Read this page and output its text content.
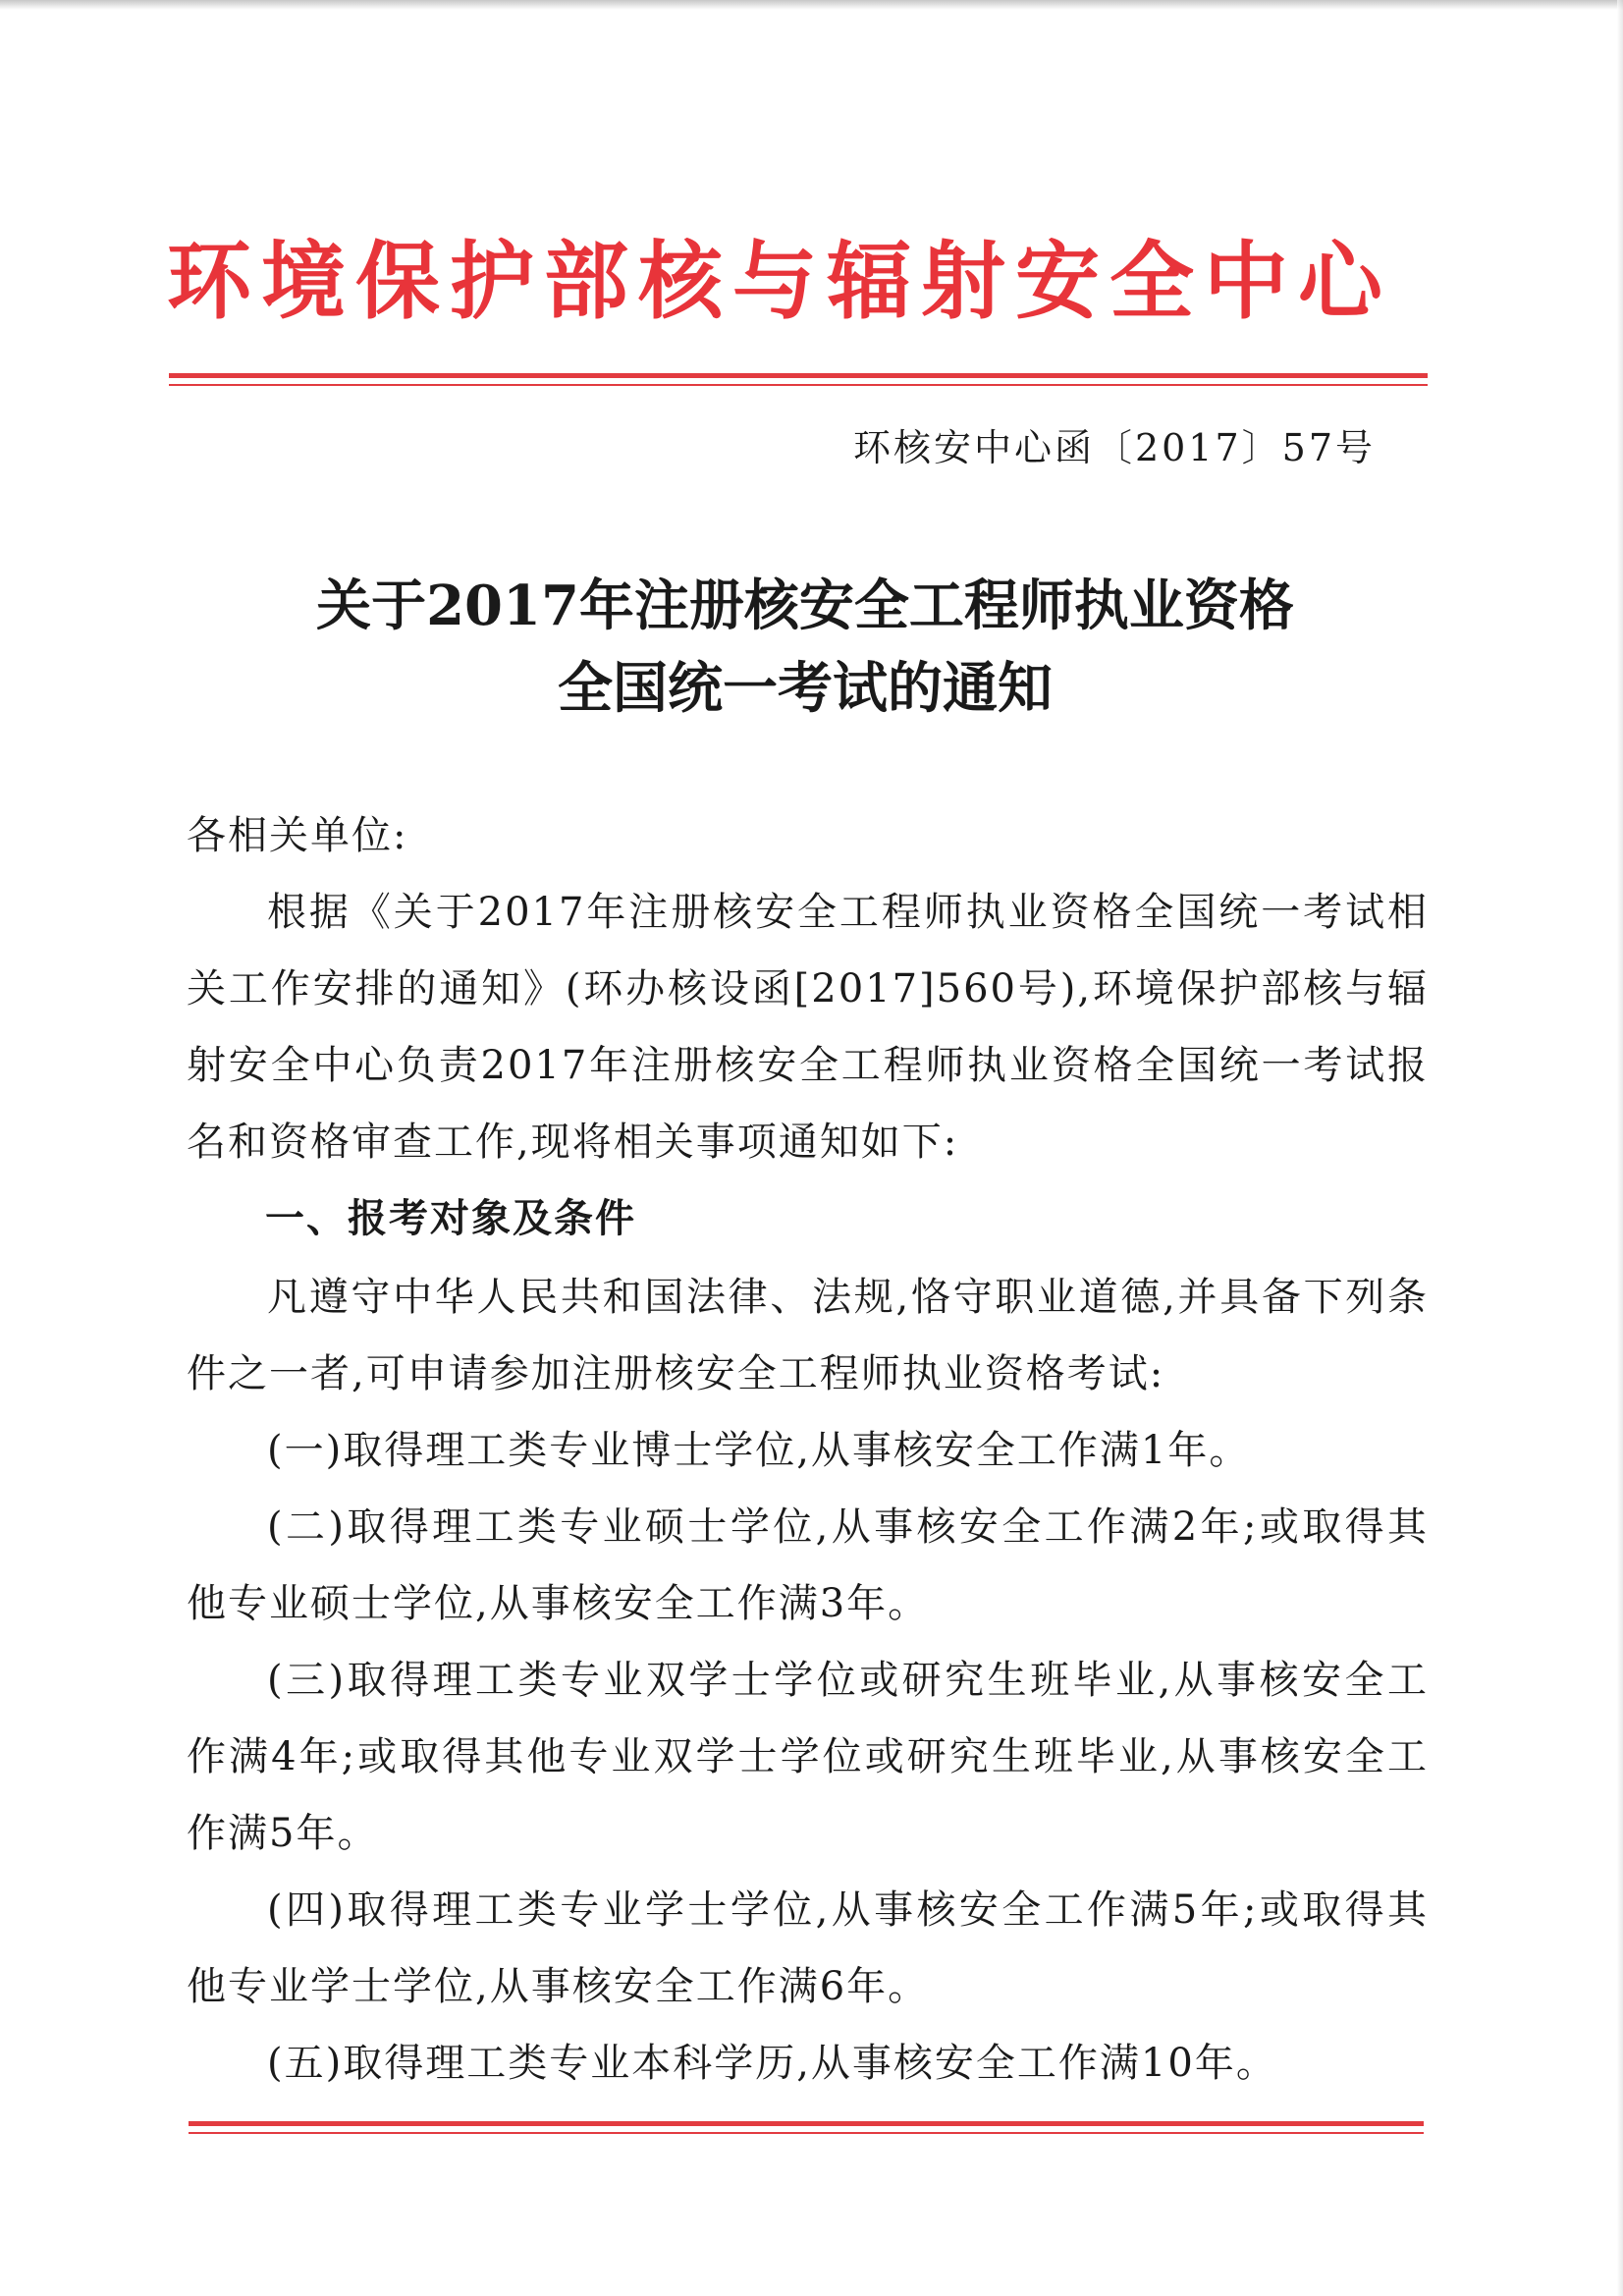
环境保护部核与辐射安全中心
环核安中心函〔2017〕57号
关于2017年注册核安全工程师执业资格
全国统一考试的通知
各相关单位:
根据《关于2017年注册核安全工程师执业资格全国统一考试相关工作安排的通知》(环办核设函[2017]560号),环境保护部核与辐射安全中心负责2017年注册核安全工程师执业资格全国统一考试报名和资格审查工作,现将相关事项通知如下:
一、报考对象及条件
凡遵守中华人民共和国法律、法规,恪守职业道德,并具备下列条件之一者,可申请参加注册核安全工程师执业资格考试:
(一)取得理工类专业博士学位,从事核安全工作满1年。
(二)取得理工类专业硕士学位,从事核安全工作满2年;或取得其他专业硕士学位,从事核安全工作满3年。
(三)取得理工类专业双学士学位或研究生班毕业,从事核安全工作满4年;或取得其他专业双学士学位或研究生班毕业,从事核安全工作满5年。
(四)取得理工类专业学士学位,从事核安全工作满5年;或取得其他专业学士学位,从事核安全工作满6年。
(五)取得理工类专业本科学历,从事核安全工作满10年。
